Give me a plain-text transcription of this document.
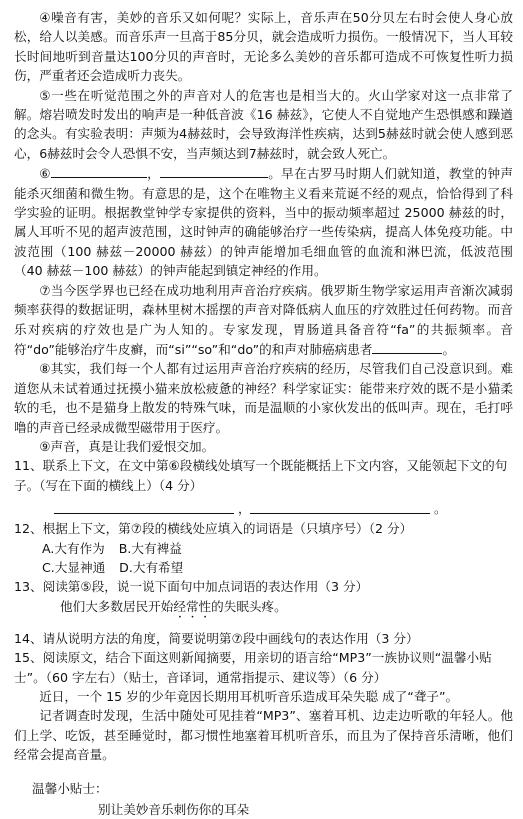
④噪音有害，美妙的音乐又如何呢？实际上，音乐声在50分贝左右时会使人身心放松，给人以美感。而音乐声一旦高于85分贝，就会造成听力损伤。一般情况下，当人耳较长时间地听到音量达100分贝的声音时，无论多么美妙的音乐都可造成不可恢复性听力损伤，严重者还会造成听力丧失。

⑤一些在听觉范围之外的声音对人的危害也是相当大的。火山学家对这一点非常了解。熔岩喷发时发出的响声是一种低音波《16 赫兹》，它使人不自觉地产生恐惧感和躁遒的念头。有实验表明：声频为4赫兹时，会导致海洋性疾病，达到5赫兹时就会使人感到恶心，6赫兹时会令人恐惧不安，当声频达到7赫兹时，就会致人死亡。

⑥	，	。早在古罗马时期人们就知道，教堂的钟声能杀灭细菌和微生物。有意思的是，这个在唯物主义看来荒诞不经的观点，恰恰得到了科学实验的证明。根据教堂钟学专家提供的资料，当中的振动频率超过 25000 赫兹的时，属人耳听不见的超声波范围，这时钟声的确能够治疗一些传染病，提高人体免疫功能。中波范围（100 赫兹－20000 赫兹）的钟声能增加毛细血管的血流和淋巴流，低波范围（40 赫兹－100 赫兹）的钟声能起到镇定神经的作用。

⑦当今医学界也已经在成功地利用声音治疗疾病。俄罗斯生物学家运用声音渐次减弱频率获得的数据证明，森林里树木摇摆的声音对降低病人血压的疗效胜过任何药物。而音乐对疾病的疗效也是广为人知的。专家发现，胃肠道具备音符“fa”的共振频率。音符“do”能够治疗牛皮癣，而“si”“so”和“do”的和声对肺癌病患者	。

⑧其实，我们每一个人都有过运用声音治疗疾病的经历，尽管我们自己没意识到。难道您从未试着通过抚摸小猫来放松疲惫的神经？科学家证实：能带来疗效的既不是小猫柔软的毛，也不是猫身上散发的特殊气味，而是温顺的小家伙发出的低叫声。现在，毛打呼噜的声音已经录成微型磁带用于医疗。

⑨声音，真是让我们爱恨交加。

11、联系上下文，在文中第⑥段横线处填写一个既能概括上下文内容，又能领起下文的句子。（写在下面的横线上）（4 分）

，	。

12、根据上下文，第⑦段的横线处应填入的词语是（只填序号）（2 分）

A.大有作为 B.大有裨益

C.大显神通 D.大有希望

13、阅读第⑤段，说一说下面句中加点词语的表达作用（3 分）

他们大多数居民开始经常性的失眠头疼。

14、请从说明方法的角度，简要说明第⑦段中画线句的表达作用（3 分）

15、阅读原文，结合下面这则新闻摘要，用亲切的语言给“MP3”一族协议则“温馨小贴士”。（60 字左右）（贴士，音译词，通常指提示、建议等）（6 分）

近日，一个 15 岁的少年竟因长期用耳机听音乐造成耳朵失聪 成了“聋子”。

记者调查时发现，生活中随处可见挂着“MP3”、塞着耳机、边走边听歌的年轻人。他们上学、吃饭，甚至睡觉时，都习惯性地塞着耳机听音乐，而且为了保持音乐清晰，他们经常会提高音量。

温馨小贴士：

别让美妙音乐刺伤你的耳朵
